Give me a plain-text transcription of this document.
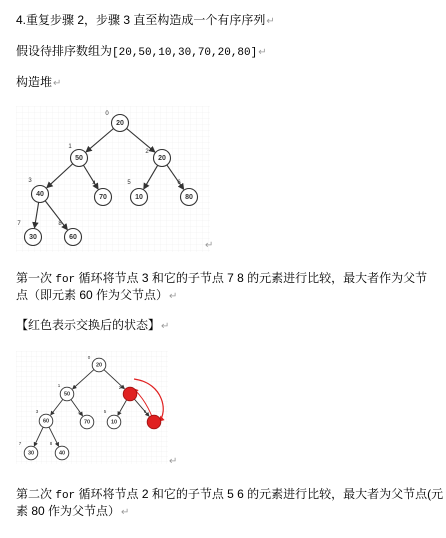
4.重复步骤 2，步骤 3 直至构造成一个有序序列↵
假设待排序数组为[20,50,10,30,70,20,80]↵
构造堆↵
20
0
50
1
20
2
40
3
70
4
10
5
80
6
30
7
60
8
↵
第一次 for 循环将节点 3 和它的子节点 7 8 的元素进行比较，最大者作为父节点（即元素 60 作为父节点）↵
【红色表示交换后的状态】↵
20
0
50
1	2
60
3
70
4
10
5	6
30
7
40
8
↵
第二次 for 循环将节点 2 和它的子节点 5 6 的元素进行比较，最大者为父节点(元素 80 作为父节点）↵
